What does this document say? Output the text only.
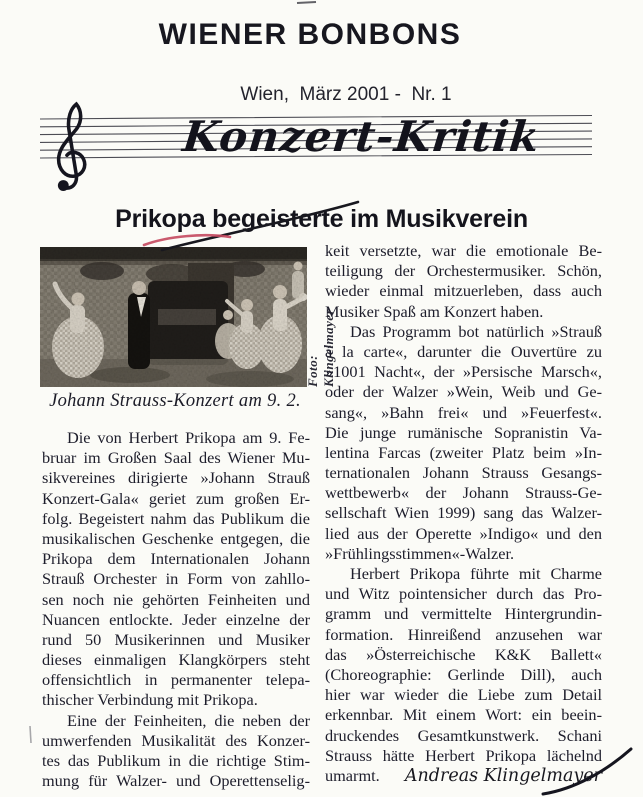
WIENER BONBONS
Wien,  März 2001 -  Nr. 1
Konzert-Kritik
Prikopa begeisterte im Musikverein
Foto: Klingelmayer
Johann Strauss-Konzert am 9. 2.
Die von Herbert Prikopa am 9. Fe-
bruar im Großen Saal des Wiener Mu-
sikvereines dirigierte »Johann Strauß
Konzert-Gala« geriet zum großen Er-
folg. Begeistert nahm das Publikum die
musikalischen Geschenke entgegen, die
Prikopa dem Internationalen Johann
Strauß Orchester in Form von zahllo-
sen noch nie gehörten Feinheiten und
Nuancen entlockte. Jeder einzelne der
rund 50 Musikerinnen und Musiker
dieses einmaligen Klangkörpers steht
offensichtlich in permanenter telepa-
thischer Verbindung mit Prikopa.
Eine der Feinheiten, die neben der
umwerfenden Musikalität des Konzer-
tes das Publikum in die richtige Stim-
mung für Walzer- und Operettenselig-
keit versetzte, war die emotionale Be-
teiligung der Orchestermusiker. Schön,
wieder einmal mitzuerleben, dass auch
Musiker Spaß am Konzert haben.
Das Programm bot natürlich »Strauß
á la carte«, darunter die Ouvertüre zu
»1001 Nacht«, der »Persische Marsch«,
oder der Walzer »Wein, Weib und Ge-
sang«, »Bahn frei« und »Feuerfest«.
Die junge rumänische Sopranistin Va-
lentina Farcas (zweiter Platz beim »In-
ternationalen Johann Strauss Gesangs-
wettbewerb« der Johann Strauss-Ge-
sellschaft Wien 1999) sang das Walzer-
lied aus der Operette »Indigo« und den
»Frühlingsstimmen«-Walzer.
Herbert Prikopa führte mit Charme
und Witz pointensicher durch das Pro-
gramm und vermittelte Hintergrundin-
formation. Hinreißend anzusehen war
das »Österreichische K&K Ballett«
(Choreographie: Gerlinde Dill), auch
hier war wieder die Liebe zum Detail
erkennbar. Mit einem Wort: ein beein-
druckendes Gesamtkunstwerk. Schani
Strauss hätte Herbert Prikopa lächelnd
umarmt. Andreas Klingelmayer
